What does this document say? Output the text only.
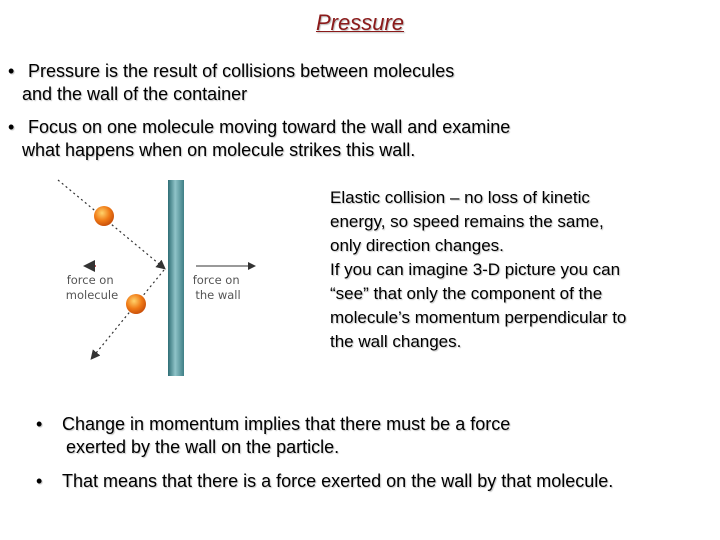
Pressure
• Pressure is the result of collisions between molecules
and the wall of the container
• Focus on one molecule moving toward the wall and examine
what happens when on molecule strikes this wall.
force on molecule
force on the wall
Elastic collision – no loss of kinetic
energy, so speed remains the same,
only direction changes.
If you can imagine 3-D picture you can
“see” that only the component of the
molecule’s momentum perpendicular to
the wall changes.
•	Change in momentum implies that there must be a force
exerted by the wall on the particle.
•	That means that there is a force exerted on the wall by that molecule.
